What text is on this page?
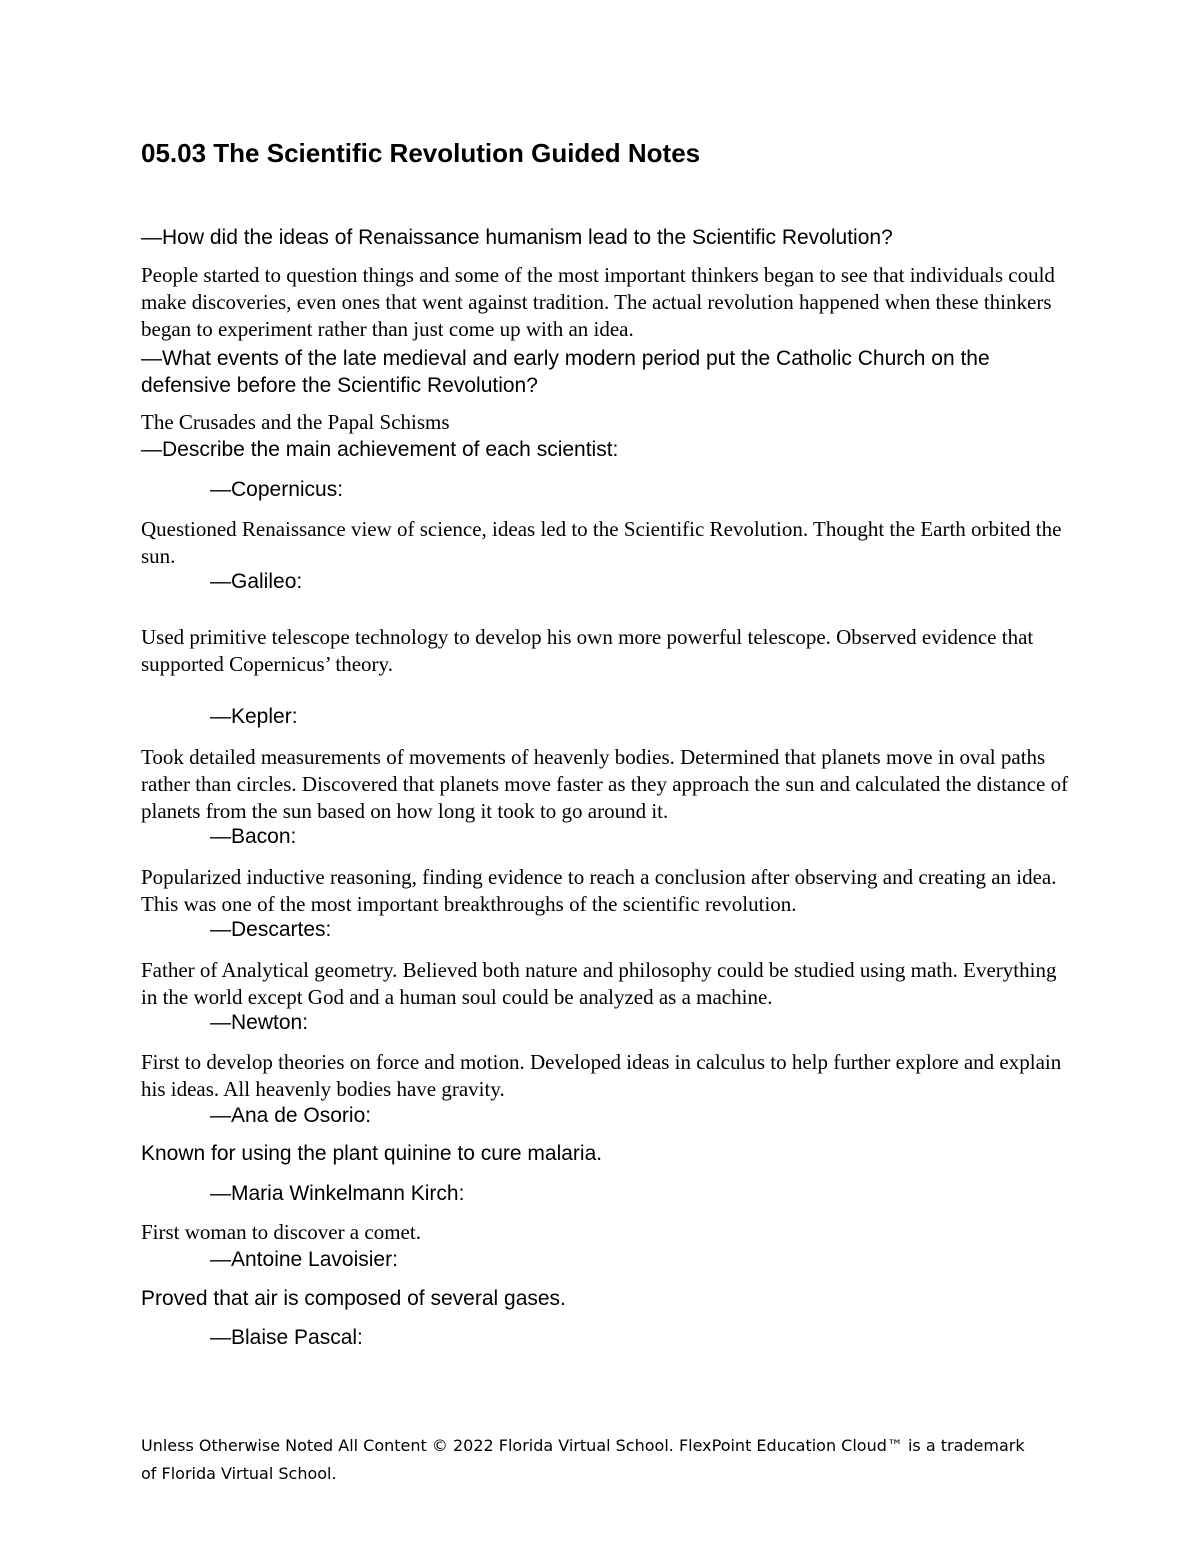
05.03 The Scientific Revolution Guided Notes
—How did the ideas of Renaissance humanism lead to the Scientific Revolution?
People started to question things and some of the most important thinkers began to see that individuals could make discoveries, even ones that went against tradition. The actual revolution happened when these thinkers began to experiment rather than just come up with an idea.
—What events of the late medieval and early modern period put the Catholic Church on the defensive before the Scientific Revolution?
The Crusades and the Papal Schisms
—Describe the main achievement of each scientist:
—Copernicus:
Questioned Renaissance view of science, ideas led to the Scientific Revolution. Thought the Earth orbited the sun.
—Galileo:
Used primitive telescope technology to develop his own more powerful telescope. Observed evidence that supported Copernicus’ theory.
—Kepler:
Took detailed measurements of movements of heavenly bodies. Determined that planets move in oval paths rather than circles. Discovered that planets move faster as they approach the sun and calculated the distance of planets from the sun based on how long it took to go around it.
—Bacon:
Popularized inductive reasoning, finding evidence to reach a conclusion after observing and creating an idea. This was one of the most important breakthroughs of the scientific revolution.
—Descartes:
Father of Analytical geometry. Believed both nature and philosophy could be studied using math. Everything in the world except God and a human soul could be analyzed as a machine.
—Newton:
First to develop theories on force and motion. Developed ideas in calculus to help further explore and explain his ideas. All heavenly bodies have gravity.
—Ana de Osorio:
Known for using the plant quinine to cure malaria.
—Maria Winkelmann Kirch:
First woman to discover a comet.
—Antoine Lavoisier:
Proved that air is composed of several gases.
—Blaise Pascal:
Unless Otherwise Noted All Content © 2022 Florida Virtual School. FlexPoint Education Cloud™ is a trademark of Florida Virtual School.
